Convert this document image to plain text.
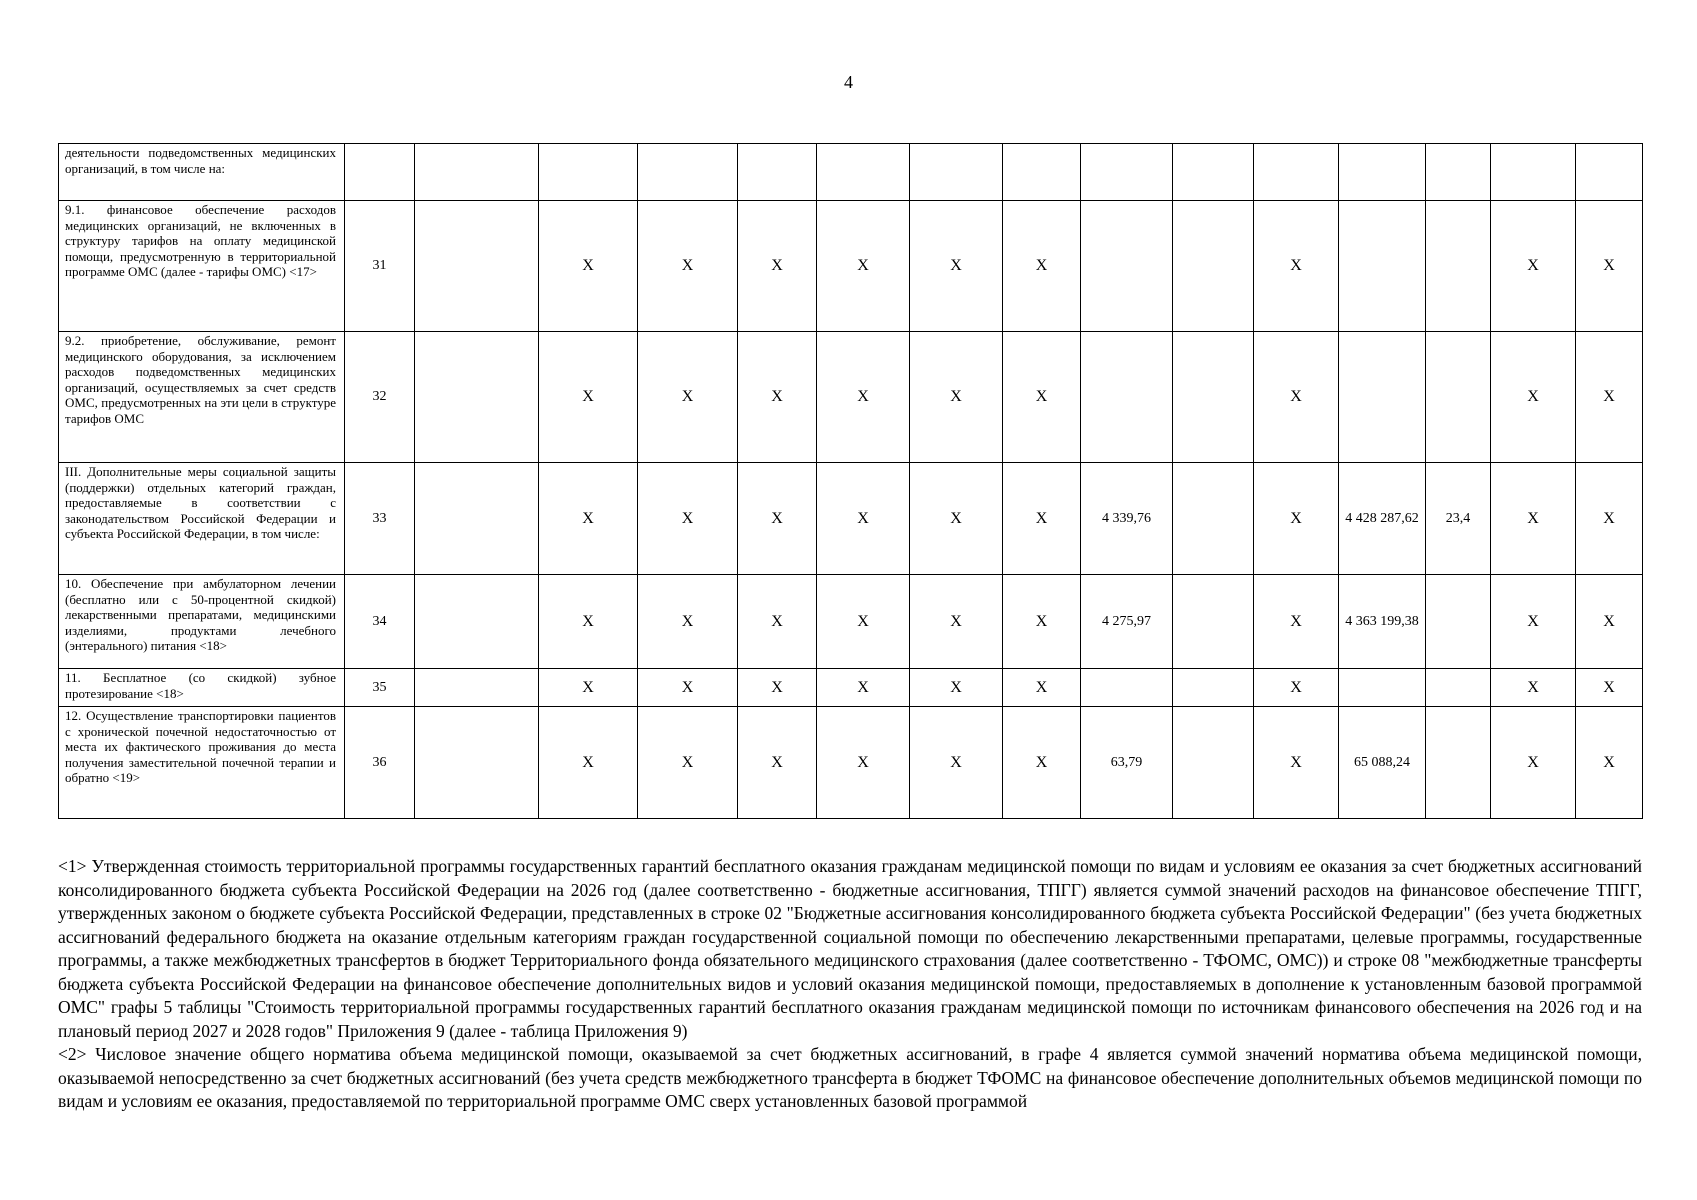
4
деятельности подведомственных медицинских организаций, в том числе на:															
9.1. финансовое обеспечение расходов медицинских организаций, не включенных в структуру тарифов на оплату медицинской помощи, предусмотренную в территориальной программе ОМС (далее - тарифы ОМС) <17>	31		X	X	X	X	X	X			X			X	X
9.2. приобретение, обслуживание, ремонт медицинского оборудования, за исключением расходов подведомственных медицинских организаций, осуществляемых за счет средств ОМС, предусмотренных на эти цели в структуре тарифов ОМС	32		X	X	X	X	X	X			X			X	X
III. Дополнительные меры социальной защиты (поддержки) отдельных категорий граждан, предоставляемые в соответствии с законодательством Российской Федерации и субъекта Российской Федерации, в том числе:	33		X	X	X	X	X	X	4 339,76		X	4 428 287,62	23,4	X	X
10. Обеспечение при амбулаторном лечении (бесплатно или с 50-процентной скидкой) лекарственными препаратами, медицинскими изделиями, продуктами лечебного (энтерального) питания <18>	34		X	X	X	X	X	X	4 275,97		X	4 363 199,38		X	X
11. Бесплатное (со скидкой) зубное протезирование <18>	35		X	X	X	X	X	X			X			X	X
12. Осуществление транспортировки пациентов с хронической почечной недостаточностью от места их фактического проживания до места получения заместительной почечной терапии и обратно <19>	36		X	X	X	X	X	X	63,79		X	65 088,24		X	X

<1> Утвержденная стоимость территориальной программы государственных гарантий бесплатного оказания гражданам медицинской помощи по видам и условиям ее оказания за счет бюджетных ассигнований консолидированного бюджета субъекта Российской Федерации на 2026 год (далее соответственно - бюджетные ассигнования, ТПГГ) является суммой значений расходов на финансовое обеспечение ТПГГ, утвержденных законом о бюджете субъекта Российской Федерации, представленных в строке 02 "Бюджетные ассигнования консолидированного бюджета субъекта Российской Федерации" (без учета бюджетных ассигнований федерального бюджета на оказание отдельным категориям граждан государственной социальной помощи по обеспечению лекарственными препаратами, целевые программы, государственные программы, а также межбюджетных трансфертов в бюджет Территориального фонда обязательного медицинского страхования (далее соответственно - ТФОМС, ОМС)) и строке 08 "межбюджетные трансферты бюджета субъекта Российской Федерации на финансовое обеспечение дополнительных видов и условий оказания медицинской помощи, предоставляемых в дополнение к установленным базовой программой ОМС" графы 5 таблицы "Стоимость территориальной программы государственных гарантий бесплатного оказания гражданам медицинской помощи по источникам финансового обеспечения на 2026 год и на плановый период 2027 и 2028 годов" Приложения 9 (далее - таблица Приложения 9)

<2> Числовое значение общего норматива объема медицинской помощи, оказываемой за счет бюджетных ассигнований, в графе 4 является суммой значений норматива объема медицинской помощи, оказываемой непосредственно за счет бюджетных ассигнований (без учета средств межбюджетного трансферта в бюджет ТФОМС на финансовое обеспечение дополнительных объемов медицинской помощи по видам и условиям ее оказания, предоставляемой по территориальной программе ОМС сверх установленных базовой программой
